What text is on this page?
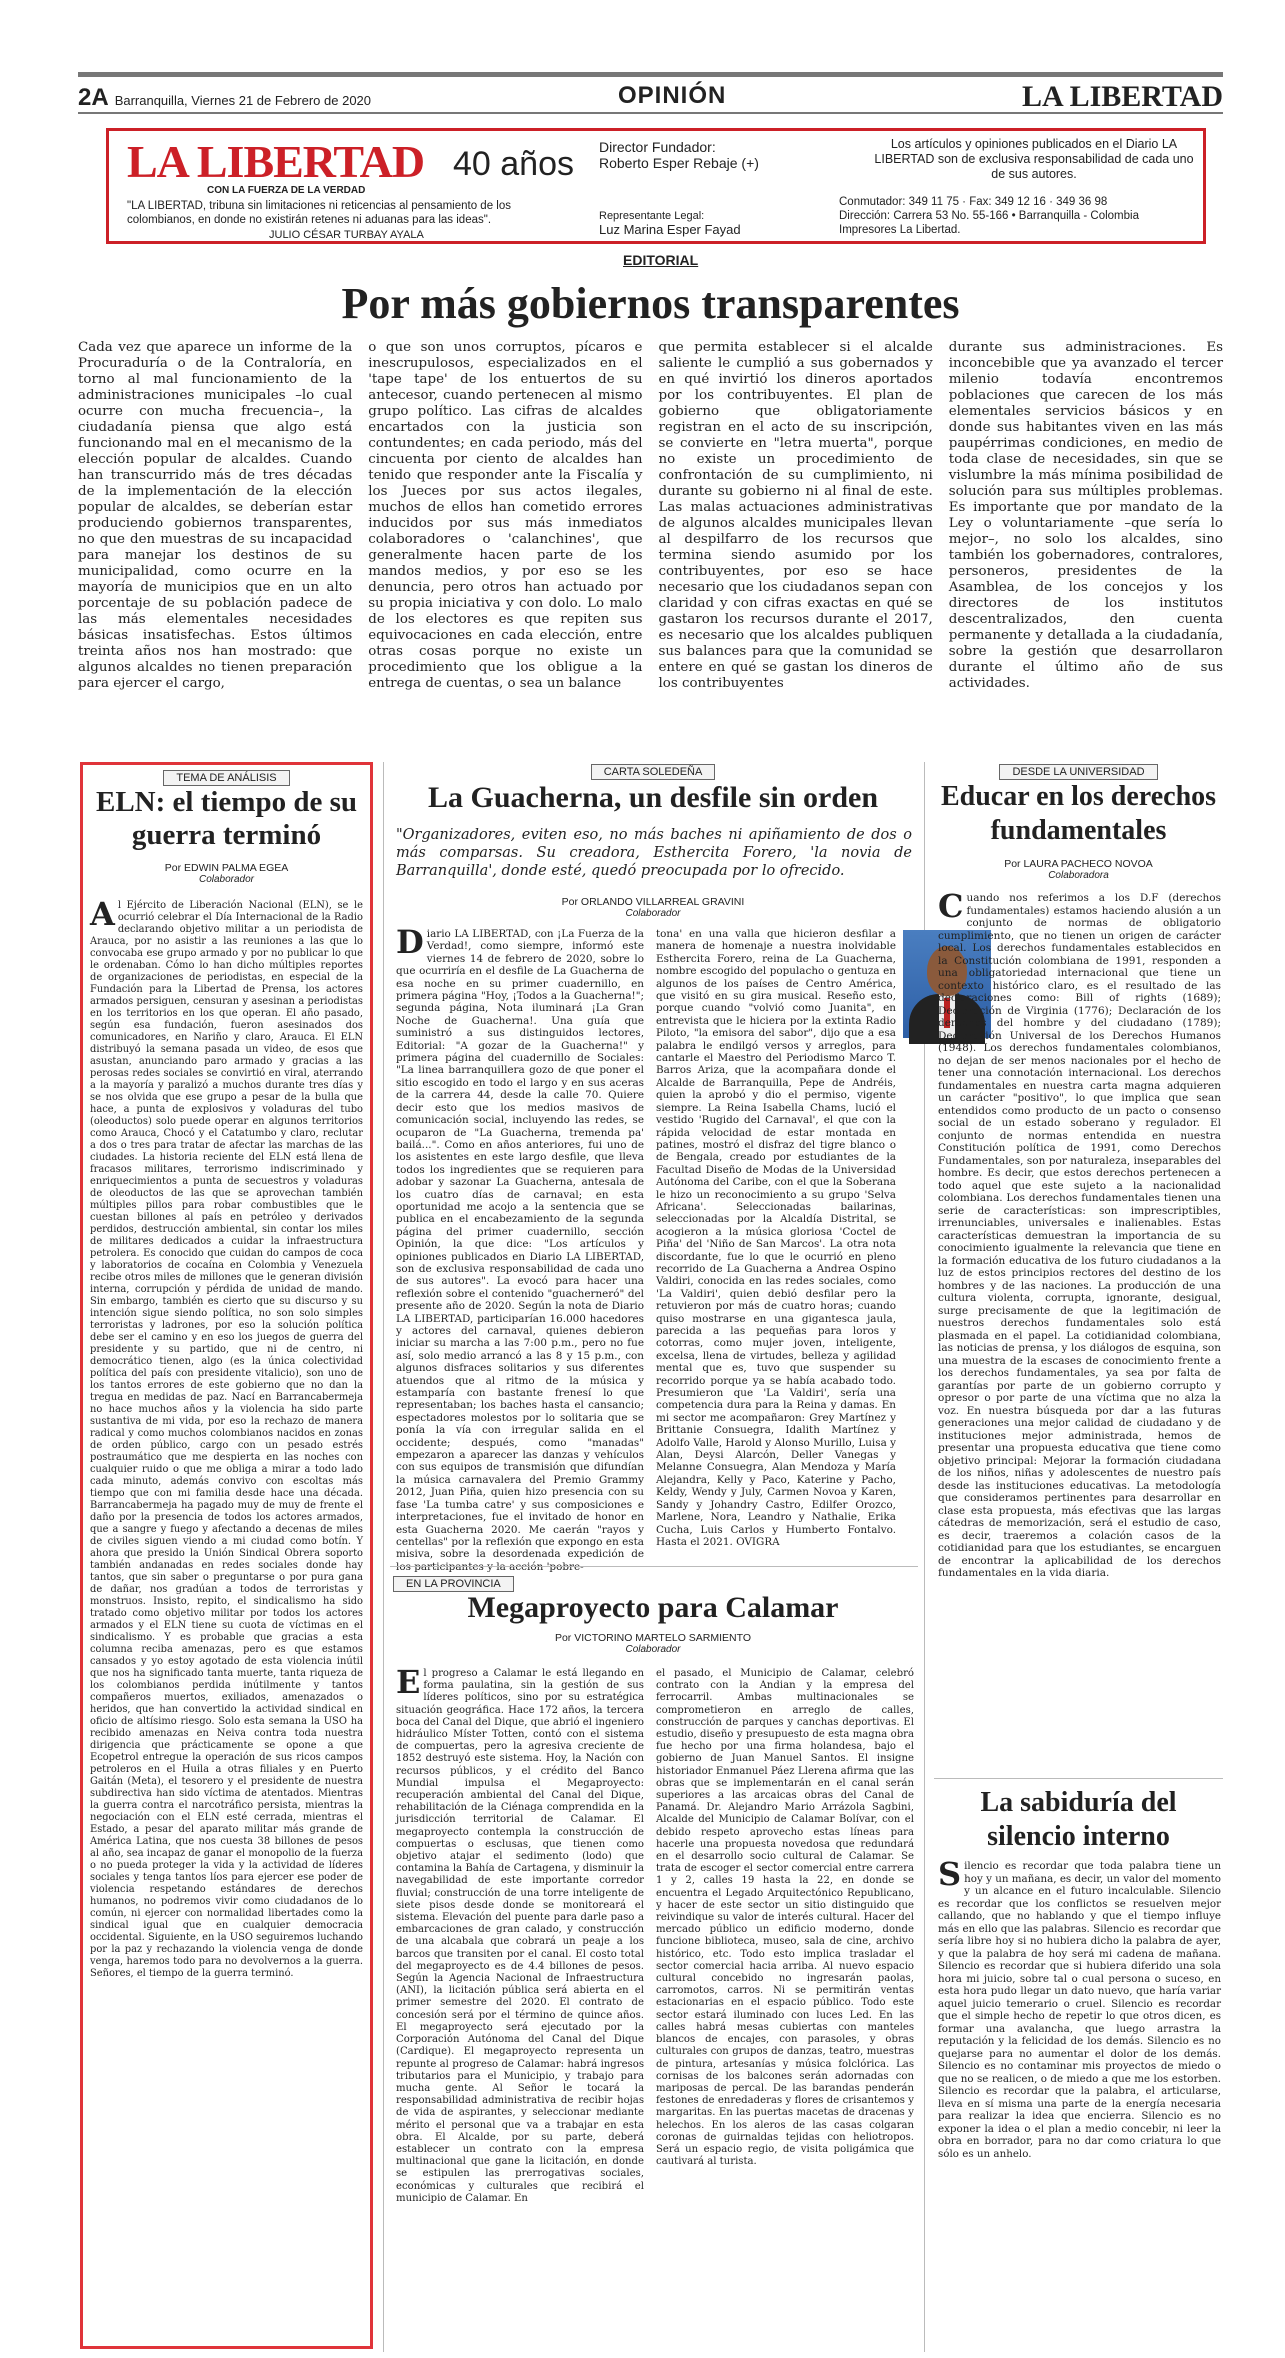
2A Barranquilla, Viernes 21 de Febrero de 2020	OPINIÓN	LA LIBERTAD
LA LIBERTAD
CON LA FUERZA DE LA VERDAD
40 años
"LA LIBERTAD, tribuna sin limitaciones ni reticencias al pensamiento de los colombianos, en donde no existirán retenes ni aduanas para las ideas".
JULIO CÉSAR TURBAY AYALA
Director Fundador:
Roberto Esper Rebaje (+)
Representante Legal:
Luz Marina Esper Fayad
Los artículos y opiniones publicados en el Diario LA LIBERTAD son de exclusiva responsabilidad de cada uno de sus autores.
Conmutador: 349 11 75 · Fax: 349 12 16 · 349 36 98
Dirección: Carrera 53 No. 55-166 • Barranquilla - Colombia
Impresores La Libertad.
EDITORIAL
Por más gobiernos transparentes
Cada vez que aparece un informe de la Procuraduría o de la Contraloría, en torno al mal funcionamiento de la administraciones municipales –lo cual ocurre con mucha frecuencia–, la ciudadanía piensa que algo está funcionando mal en el mecanismo de la elección popular de alcaldes. Cuando han transcurrido más de tres décadas de la implementación de la elección popular de alcaldes, se deberían estar produciendo gobiernos transparentes, no que den muestras de su incapacidad para manejar los destinos de su municipalidad, como ocurre en la mayoría de municipios que en un alto porcentaje de su población padece de las más elementales necesidades básicas insatisfechas. Estos últimos treinta años nos han mostrado: que algunos alcaldes no tienen preparación para ejercer el cargo,
o que son unos corruptos, pícaros e inescrupulosos, especializados en el 'tape tape' de los entuertos de su antecesor, cuando pertenecen al mismo grupo político. Las cifras de alcaldes encartados con la justicia son contundentes; en cada periodo, más del cincuenta por ciento de alcaldes han tenido que responder ante la Fiscalía y los Jueces por sus actos ilegales, muchos de ellos han cometido errores inducidos por sus más inmediatos colaboradores o 'calanchines', que generalmente hacen parte de los mandos medios, y por eso se les denuncia, pero otros han actuado por su propia iniciativa y con dolo. Lo malo de los electores es que repiten sus equivocaciones en cada elección, entre otras cosas porque no existe un procedimiento que los obligue a la entrega de cuentas, o sea un balance
que permita establecer si el alcalde saliente le cumplió a sus gobernados y en qué invirtió los dineros aportados por los contribuyentes. El plan de gobierno que obligatoriamente registran en el acto de su inscripción, se convierte en "letra muerta", porque no existe un procedimiento de confrontación de su cumplimiento, ni durante su gobierno ni al final de este. Las malas actuaciones administrativas de algunos alcaldes municipales llevan al despilfarro de los recursos que termina siendo asumido por los contribuyentes, por eso se hace necesario que los ciudadanos sepan con claridad y con cifras exactas en qué se gastaron los recursos durante el 2017, es necesario que los alcaldes publiquen sus balances para que la comunidad se entere en qué se gastan los dineros de los contribuyentes
durante sus administraciones. Es inconcebible que ya avanzado el tercer milenio todavía encontremos poblaciones que carecen de los más elementales servicios básicos y en donde sus habitantes viven en las más paupérrimas condiciones, en medio de toda clase de necesidades, sin que se vislumbre la más mínima posibilidad de solución para sus múltiples problemas. Es importante que por mandato de la Ley o voluntariamente –que sería lo mejor–, no solo los alcaldes, sino también los gobernadores, contralores, personeros, presidentes de la Asamblea, de los concejos y los directores de los institutos descentralizados, den cuenta permanente y detallada a la ciudadanía, sobre la gestión que desarrollaron durante el último año de sus actividades.
TEMA DE ANÁLISIS
ELN: el tiempo de su guerra terminó
Por EDWIN PALMA EGEA
Colaborador
Al Ejército de Liberación Nacional (ELN), se le ocurrió celebrar el Día Internacional de la Radio declarando objetivo militar a un periodista de Arauca, por no asistir a las reuniones a las que lo convocaba ese grupo armado y por no publicar lo que le ordenaban. Cómo lo han dicho múltiples reportes de organizaciones de periodistas, en especial de la Fundación para la Libertad de Prensa, los actores armados persiguen, censuran y asesinan a periodistas en los territorios en los que operan. El año pasado, según esa fundación, fueron asesinados dos comunicadores, en Nariño y claro, Arauca. El ELN distribuyó la semana pasada un video, de esos que asustan, anunciando paro armado y gracias a las perosas redes sociales se convirtió en viral, aterrando a la mayoría y paralizó a muchos durante tres días y se nos olvida que ese grupo a pesar de la bulla que hace, a punta de explosivos y voladuras del tubo (oleoductos) solo puede operar en algunos territorios como Arauca, Chocó y el Catatumbo y claro, reclutar a dos o tres para tratar de afectar las marchas de las ciudades. La historia reciente del ELN está llena de fracasos militares, terrorismo indiscriminado y enriquecimientos a punta de secuestros y voladuras de oleoductos de las que se aprovechan también múltiples pillos para robar combustibles que le cuestan billones al país en petróleo y derivados perdidos, destrucción ambiental, sin contar los miles de militares dedicados a cuidar la infraestructura petrolera. Es conocido que cuidan do campos de coca y laboratorios de cocaína en Colombia y Venezuela recibe otros miles de millones que le generan división interna, corrupción y pérdida de unidad de mando. Sin embargo, también es cierto que su discurso y su intención sigue siendo política, no son solo simples terroristas y ladrones, por eso la solución política debe ser el camino y en eso los juegos de guerra del presidente y su partido, que ni de centro, ni democrático tienen, algo (es la única colectividad política del país con presidente vitalicio), son uno de los tantos errores de este gobierno que no dan la tregua en medidas de paz. Nací en Barrancabermeja no hace muchos años y la violencia ha sido parte sustantiva de mi vida, por eso la rechazo de manera radical y como muchos colombianos nacidos en zonas de orden público, cargo con un pesado estrés postraumático que me despierta en las noches con cualquier ruido o que me obliga a mirar a todo lado cada minuto, además convivo con escoltas más tiempo que con mi familia desde hace una década. Barrancabermeja ha pagado muy de muy de frente el daño por la presencia de todos los actores armados, que a sangre y fuego y afectando a decenas de miles de civiles siguen viendo a mi ciudad como botín. Y ahora que presido la Unión Sindical Obrera soporto también andanadas en redes sociales donde hay tantos, que sin saber o preguntarse o por pura gana de dañar, nos gradúan a todos de terroristas y monstruos. Insisto, repito, el sindicalismo ha sido tratado como objetivo militar por todos los actores armados y el ELN tiene su cuota de víctimas en el sindicalismo. Y es probable que gracias a esta columna reciba amenazas, pero es que estamos cansados y yo estoy agotado de esta violencia inútil que nos ha significado tanta muerte, tanta riqueza de los colombianos perdida inútilmente y tantos compañeros muertos, exiliados, amenazados o heridos, que han convertido la actividad sindical en oficio de altísimo riesgo. Solo esta semana la USO ha recibido amenazas en Neiva contra toda nuestra dirigencia que prácticamente se opone a que Ecopetrol entregue la operación de sus ricos campos petroleros en el Huila a otras filiales y en Puerto Gaitán (Meta), el tesorero y el presidente de nuestra subdirectiva han sido víctima de atentados. Mientras la guerra contra el narcotráfico persista, mientras la negociación con el ELN esté cerrada, mientras el Estado, a pesar del aparato militar más grande de América Latina, que nos cuesta 38 billones de pesos al año, sea incapaz de ganar el monopolio de la fuerza o no pueda proteger la vida y la actividad de líderes sociales y tenga tantos líos para ejercer ese poder de violencia respetando estándares de derechos humanos, no podremos vivir como ciudadanos de lo común, ni ejercer con normalidad libertades como la sindical igual que en cualquier democracia occidental. Siguiente, en la USO seguiremos luchando por la paz y rechazando la violencia venga de donde venga, haremos todo para no devolvernos a la guerra. Señores, el tiempo de la guerra terminó.
CARTA SOLEDEÑA
La Guacherna, un desfile sin orden
"Organizadores, eviten eso, no más baches ni apiñamiento de dos o más comparsas. Su creadora, Esthercita Forero, 'la novia de Barranquilla', donde esté, quedó preocupada por lo ofrecido.
Por ORLANDO VILLARREAL GRAVINI
Colaborador
Diario LA LIBERTAD, con ¡La Fuerza de la Verdad!, como siempre, informó este viernes 14 de febrero de 2020, sobre lo que ocurriría en el desfile de La Guacherna de esa noche en su primer cuadernillo, en primera página "Hoy, ¡Todos a la Guacherna!"; segunda página, Nota iluminará ¡La Gran Noche de Guacherna!. Una guía que suministró a sus distinguidos lectores, Editorial: "A gozar de la Guacherna!" y primera página del cuadernillo de Sociales: "La linea barranquillera gozo de que poner el sitio escogido en todo el largo y en sus aceras de la carrera 44, desde la calle 70. Quiere decir esto que los medios masivos de comunicación social, incluyendo las redes, se ocuparon de "La Guacherna, tremenda pa' bailá...". Como en años anteriores, fui uno de los asistentes en este largo desfile, que lleva todos los ingredientes que se requieren para adobar y sazonar La Guacherna, antesala de los cuatro días de carnaval; en esta oportunidad me acojo a la sentencia que se publica en el encabezamiento de la segunda página del primer cuadernillo, sección Opinión, la que dice: "Los artículos y opiniones publicados en Diario LA LIBERTAD, son de exclusiva responsabilidad de cada uno de sus autores". La evocó para hacer una reflexión sobre el contenido "guacherneró" del presente año de 2020. Según la nota de Diario LA LIBERTAD, participarían 16.000 hacedores y actores del carnaval, quienes debieron iniciar su marcha a las 7:00 p.m., pero no fue así, solo medio arrancó a las 8 y 15 p.m., con algunos disfraces solitarios y sus diferentes atuendos que al ritmo de la música y estamparía con bastante frenesí lo que representaban; los baches hasta el cansancio; espectadores molestos por lo solitaria que se ponía la vía con irregular salida en el occidente; después, como "manadas" empezaron a aparecer las danzas y vehículos con sus equipos de transmisión que difundían la música carnavalera del Premio Grammy 2012, Juan Piña, quien hizo presencia con su fase 'La tumba catre' y sus composiciones e interpretaciones, fue el invitado de honor en esta Guacherna 2020. Me caerán "rayos y centellas" por la reflexión que expongo en esta misiva, sobre la desordenada expedición de los participantes y la acción 'pobre-
tona' en una valla que hicieron desfilar a manera de homenaje a nuestra inolvidable Esthercita Forero, reina de La Guacherna, nombre escogido del populacho o gentuza en algunos de los países de Centro América, que visitó en su gira musical. Reseño esto, porque cuando "volvió como Juanita", en entrevista que le hiciera por la extinta Radio Piloto, "la emisora del sabor", dijo que a esa palabra le endilgó versos y arreglos, para cantarle el Maestro del Periodismo Marco T. Barros Ariza, que la acompañara donde el Alcalde de Barranquilla, Pepe de Andréis, quien la aprobó y dio el permiso, vigente siempre. La Reina Isabella Chams, lució el vestido 'Rugido del Carnaval', el que con la rápida velocidad de estar montada en patines, mostró el disfraz del tigre blanco o de Bengala, creado por estudiantes de la Facultad Diseño de Modas de la Universidad Autónoma del Caribe, con el que la Soberana le hizo un reconocimiento a su grupo 'Selva Africana'. Seleccionadas bailarinas, seleccionadas por la Alcaldía Distrital, se acogieron a la música gloriosa 'Coctel de Piña' del 'Niño de San Marcos'. La otra nota discordante, fue lo que le ocurrió en pleno recorrido de La Guacherna a Andrea Ospino Valdiri, conocida en las redes sociales, como 'La Valdiri', quien debió desfilar pero la retuvieron por más de cuatro horas; cuando quiso mostrarse en una gigantesca jaula, parecida a las pequeñas para loros y cotorras, como mujer joven, inteligente, excelsa, llena de virtudes, belleza y agilidad mental que es, tuvo que suspender su recorrido porque ya se había acabado todo. Presumieron que 'La Valdiri', sería una competencia dura para la Reina y damas. En mi sector me acompañaron: Grey Martínez y Brittanie Consuegra, Idalith Martínez y Adolfo Valle, Harold y Alonso Murillo, Luisa y Alan, Deysi Alarcón, Deller Vanegas y Melanne Consuegra, Alan Mendoza y María Alejandra, Kelly y Paco, Katerine y Pacho, Keldy, Wendy y July, Carmen Novoa y Karen, Sandy y Johandry Castro, Edilfer Orozco, Marlene, Nora, Leandro y Nathalie, Erika Cucha, Luis Carlos y Humberto Fontalvo. Hasta el 2021. OVIGRA
EN LA PROVINCIA
Megaproyecto para Calamar
Por VICTORINO MARTELO SARMIENTO
Colaborador
El progreso a Calamar le está llegando en forma paulatina, sin la gestión de sus líderes políticos, sino por su estratégica situación geográfica. Hace 172 años, la tercera boca del Canal del Dique, que abrió el ingeniero hidráulico Míster Totten, contó con el sistema de compuertas, pero la agresiva creciente de 1852 destruyó este sistema. Hoy, la Nación con recursos públicos, y el crédito del Banco Mundial impulsa el Megaproyecto: recuperación ambiental del Canal del Dique, rehabilitación de la Ciénaga comprendida en la jurisdicción territorial de Calamar. El megaproyecto contempla la construcción de compuertas o esclusas, que tienen como objetivo atajar el sedimento (lodo) que contamina la Bahía de Cartagena, y disminuir la navegabilidad de este importante corredor fluvial; construcción de una torre inteligente de siete pisos desde donde se monitoreará el sistema. Elevación del puente para darle paso a embarcaciones de gran calado, y construcción de una alcabala que cobrará un peaje a los barcos que transiten por el canal. El costo total del megaproyecto es de 4.4 billones de pesos. Según la Agencia Nacional de Infraestructura (ANI), la licitación pública será abierta en el primer semestre del 2020. El contrato de concesión será por el término de quince años. El megaproyecto será ejecutado por la Corporación Autónoma del Canal del Dique (Cardique). El megaproyecto representa un repunte al progreso de Calamar: habrá ingresos tributarios para el Municipio, y trabajo para mucha gente. Al Señor le tocará la responsabilidad administrativa de recibir hojas de vida de aspirantes, y seleccionar mediante mérito el personal que va a trabajar en esta obra. El Alcalde, por su parte, deberá establecer un contrato con la empresa multinacional que gane la licitación, en donde se estipulen las prerrogativas sociales, económicas y culturales que recibirá el municipio de Calamar. En
el pasado, el Municipio de Calamar, celebró contrato con la Andian y la empresa del ferrocarril. Ambas multinacionales se comprometieron en arreglo de calles, construcción de parques y canchas deportivas. El estudio, diseño y presupuesto de esta magna obra fue hecho por una firma holandesa, bajo el gobierno de Juan Manuel Santos. El insigne historiador Enmanuel Páez Llerena afirma que las obras que se implementarán en el canal serán superiores a las arcaicas obras del Canal de Panamá. Dr. Alejandro Mario Arrázola Sagbini, Alcalde del Municipio de Calamar Bolívar, con el debido respeto aprovecho estas líneas para hacerle una propuesta novedosa que redundará en el desarrollo socio cultural de Calamar. Se trata de escoger el sector comercial entre carrera 1 y 2, calles 19 hasta la 22, en donde se encuentra el Legado Arquitectónico Republicano, y hacer de este sector un sitio distinguido que reivindique su valor de interés cultural. Hacer del mercado público un edificio moderno, donde funcione biblioteca, museo, sala de cine, archivo histórico, etc. Todo esto implica trasladar el sector comercial hacia arriba. Al nuevo espacio cultural concebido no ingresarán paolas, carromotos, carros. Ni se permitirán ventas estacionarias en el espacio público. Todo este sector estará iluminado con luces Led. En las calles habrá mesas cubiertas con manteles blancos de encajes, con parasoles, y obras culturales con grupos de danzas, teatro, muestras de pintura, artesanías y música folclórica. Las cornisas de los balcones serán adornadas con mariposas de percal. De las barandas penderán festones de enredaderas y flores de crisantemos y margaritas. En las puertas macetas de dracenas y helechos. En los aleros de las casas colgaran coronas de guirnaldas tejidas con heliotropos. Será un espacio regio, de visita poligámica que cautivará al turista.
DESDE LA UNIVERSIDAD
Educar en los derechos fundamentales
Por LAURA PACHECO NOVOA
Colaboradora
Cuando nos referimos a los D.F (derechos fundamentales) estamos haciendo alusión a un conjunto de normas de obligatorio cumplimiento, que no tienen un origen de carácter local. Los derechos fundamentales establecidos en la Constitución colombiana de 1991, responden a una obligatoriedad internacional que tiene un contexto histórico claro, es el resultado de las declaraciones como: Bill of rights (1689); Declaración de Virginia (1776); Declaración de los derechos del hombre y del ciudadano (1789); Declaración Universal de los Derechos Humanos (1948). Los derechos fundamentales colombianos, no dejan de ser menos nacionales por el hecho de tener una connotación internacional. Los derechos fundamentales en nuestra carta magna adquieren un carácter "positivo", lo que implica que sean entendidos como producto de un pacto o consenso social de un estado soberano y regulador. El conjunto de normas entendida en nuestra Constitución política de 1991, como Derechos Fundamentales, son por naturaleza, inseparables del hombre. Es decir, que estos derechos pertenecen a todo aquel que este sujeto a la nacionalidad colombiana. Los derechos fundamentales tienen una serie de características: son imprescriptibles, irrenunciables, universales e inalienables. Estas características demuestran la importancia de su conocimiento igualmente la relevancia que tiene en la formación educativa de los futuro ciudadanos a la luz de estos principios rectores del destino de los hombres y de las naciones. La producción de una cultura violenta, corrupta, ignorante, desigual, surge precisamente de que la legitimación de nuestros derechos fundamentales solo está plasmada en el papel. La cotidianidad colombiana, las noticias de prensa, y los diálogos de esquina, son una muestra de la escases de conocimiento frente a los derechos fundamentales, ya sea por falta de garantías por parte de un gobierno corrupto y opresor o por parte de una víctima que no alza la voz. En nuestra búsqueda por dar a las futuras generaciones una mejor calidad de ciudadano y de instituciones mejor administrada, hemos de presentar una propuesta educativa que tiene como objetivo principal: Mejorar la formación ciudadana de los niños, niñas y adolescentes de nuestro país desde las instituciones educativas. La metodología que consideramos pertinentes para desarrollar en clase esta propuesta, más efectivas que las largas cátedras de memorización, será el estudio de caso, es decir, traeremos a colación casos de la cotidianidad para que los estudiantes, se encarguen de encontrar la aplicabilidad de los derechos fundamentales en la vida diaria.
La sabiduría del silencio interno
Silencio es recordar que toda palabra tiene un hoy y un mañana, es decir, un valor del momento y un alcance en el futuro incalculable. Silencio es recordar que los conflictos se resuelven mejor callando, que no hablando y que el tiempo influye más en ello que las palabras. Silencio es recordar que sería libre hoy si no hubiera dicho la palabra de ayer, y que la palabra de hoy será mi cadena de mañana. Silencio es recordar que si hubiera diferido una sola hora mi juicio, sobre tal o cual persona o suceso, en esta hora pudo llegar un dato nuevo, que haría variar aquel juicio temerario o cruel. Silencio es recordar que el simple hecho de repetir lo que otros dicen, es formar una avalancha, que luego arrastra la reputación y la felicidad de los demás. Silencio es no quejarse para no aumentar el dolor de los demás. Silencio es no contaminar mis proyectos de miedo o que no se realicen, o de miedo a que me los estorben. Silencio es recordar que la palabra, el articularse, lleva en sí misma una parte de la energía necesaria para realizar la idea que encierra. Silencio es no exponer la idea o el plan a medio concebir, ni leer la obra en borrador, para no dar como criatura lo que sólo es un anhelo.
